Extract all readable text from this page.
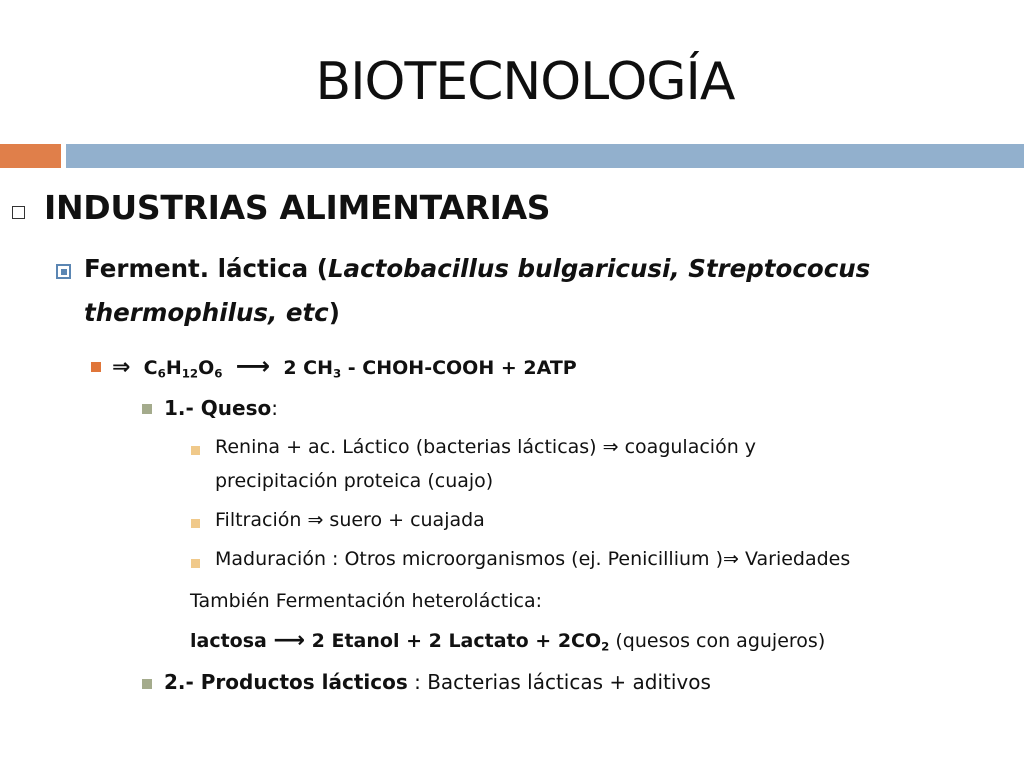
BIOTECNOLOGÍA
INDUSTRIAS ALIMENTARIAS
Ferment. láctica (Lactobacillus bulgaricusi, Streptococus
thermophilus, etc)
⇒ $C_6H_{12}O_6$ ⟶ 2 $CH_3$ - CHOH-COOH + 2ATP
1.- Queso:
Renina + ac. Láctico (bacterias lácticas) ⇒ coagulación y
precipitación proteica (cuajo)
Filtración ⇒ suero + cuajada
Maduración : Otros microorganismos (ej. Penicillium )⇒ Variedades
También Fermentación heteroláctica:
lactosa ⟶ 2 Etanol + 2 Lactato + $2CO_2$ (quesos con agujeros)
2.- Productos lácticos : Bacterias lácticas + aditivos
